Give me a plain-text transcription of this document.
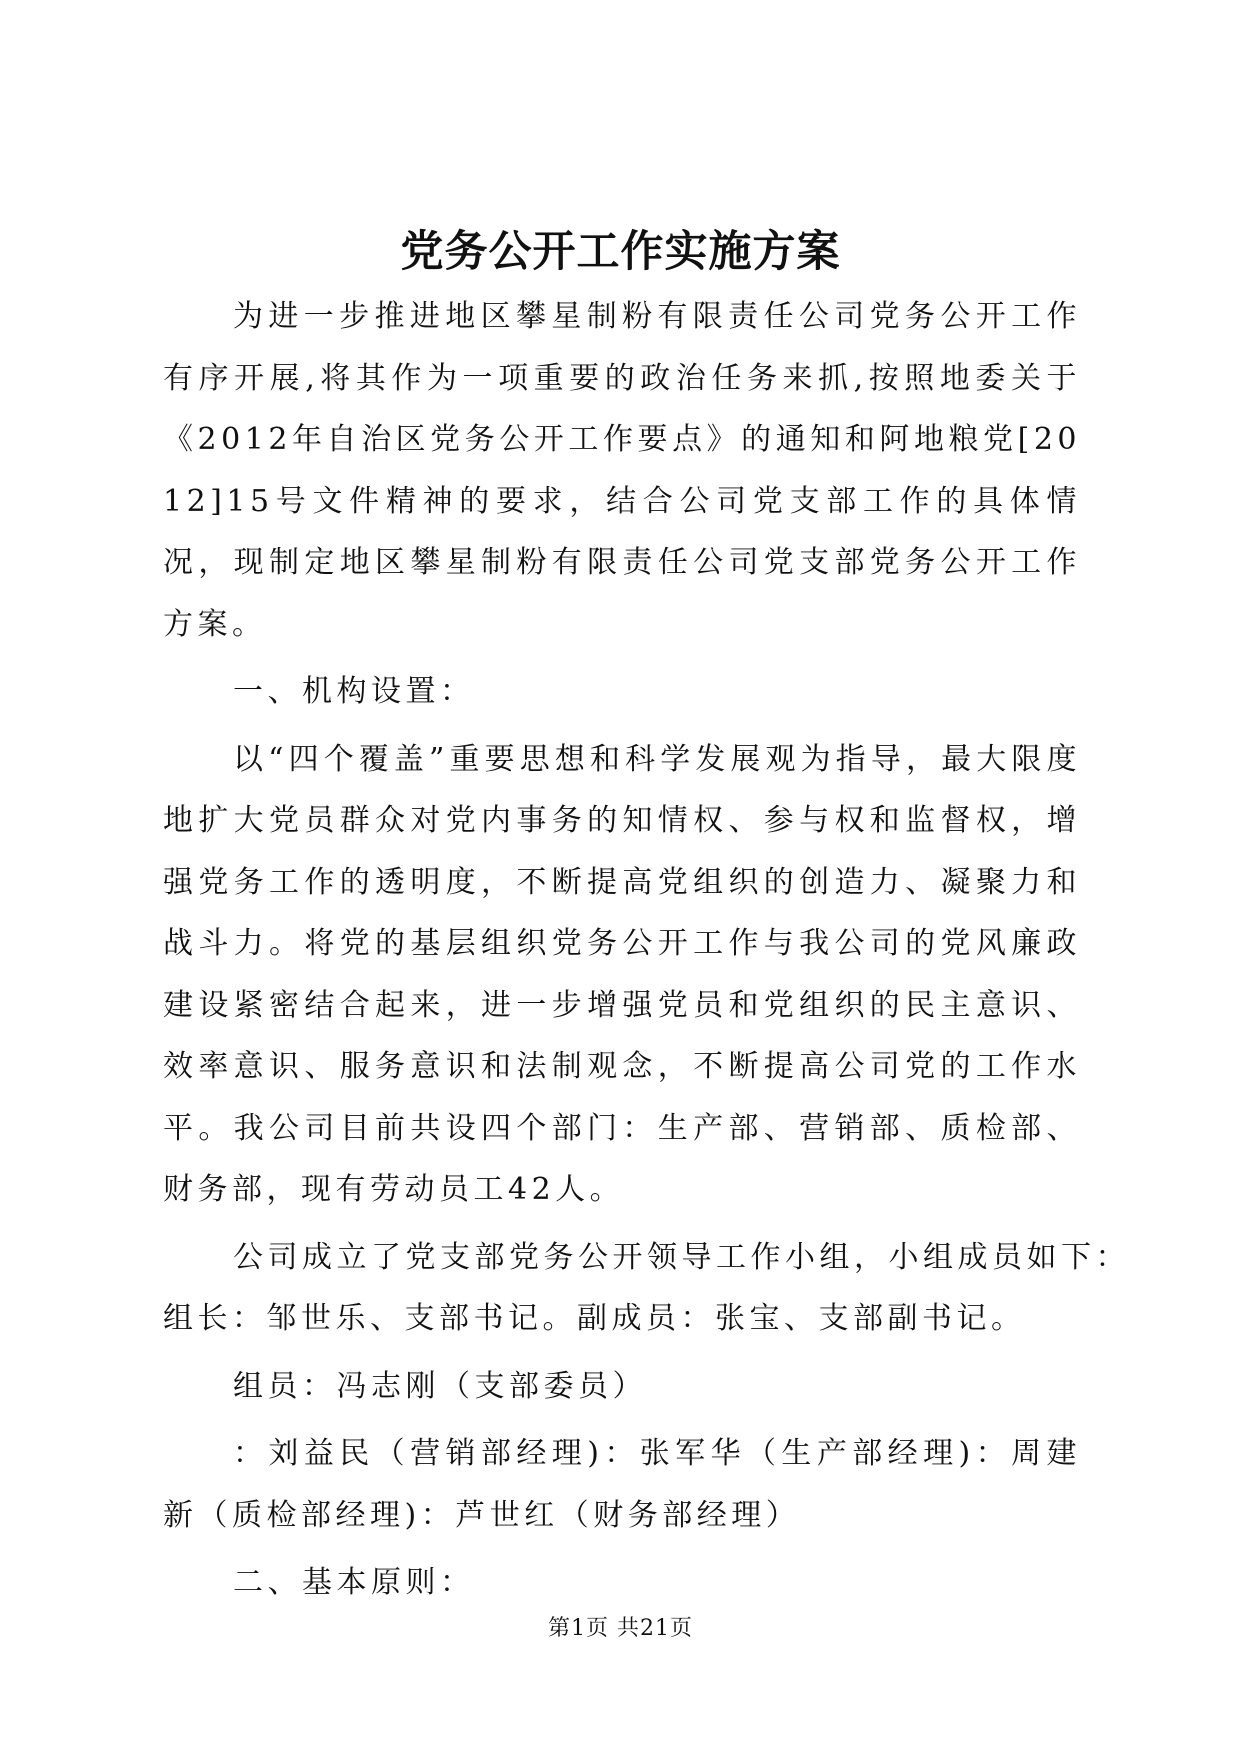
党务公开工作实施方案

为进一步推进地区攀星制粉有限责任公司党务公开工作有序开展,将其作为一项重要的政治任务来抓,按照地委关于《2012年自治区党务公开工作要点》的通知和阿地粮党[2012]15号文件精神的要求，结合公司党支部工作的具体情况，现制定地区攀星制粉有限责任公司党支部党务公开工作方案。

一、机构设置：

以“四个覆盖”重要思想和科学发展观为指导，最大限度地扩大党员群众对党内事务的知情权、参与权和监督权，增强党务工作的透明度，不断提高党组织的创造力、凝聚力和战斗力。将党的基层组织党务公开工作与我公司的党风廉政建设紧密结合起来，进一步增强党员和党组织的民主意识、效率意识、服务意识和法制观念，不断提高公司党的工作水平。我公司目前共设四个部门：生产部、营销部、质检部、财务部，现有劳动员工42人。

公司成立了党支部党务公开领导工作小组，小组成员如下：

组长：邹世乐、支部书记。副成员：张宝、支部副书记。

组员：冯志刚（支部委员）

：刘益民（营销部经理)：张军华（生产部经理)：周建新（质检部经理)：芦世红（财务部经理）

二、基本原则：

第1页 共21页
